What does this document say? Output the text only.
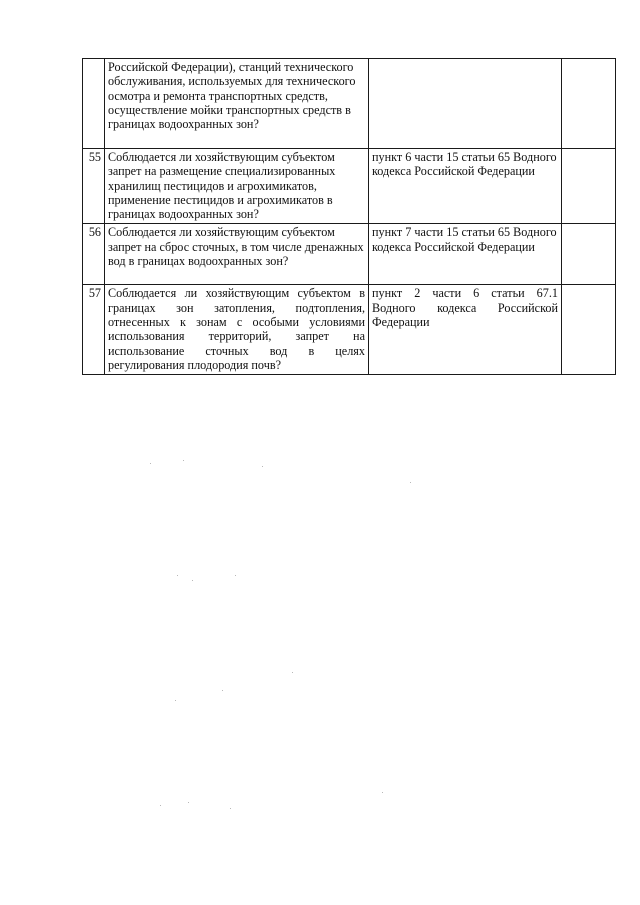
	Российской Федерации), станций технического обслуживания, используемых для технического осмотра и ремонта транспортных средств, осуществление мойки транспортных средств в границах водоохранных зон?		
55	Соблюдается ли хозяйствующим субъектом запрет на размещение специализированных хранилищ пестицидов и агрохимикатов, применение пестицидов и агрохимикатов в границах водоохранных зон?	пункт 6 части 15 статьи 65 Водного кодекса Российской Федерации	
56	Соблюдается ли хозяйствующим субъектом запрет на сброс сточных, в том числе дренажных вод в границах водоохранных зон?	пункт 7 части 15 статьи 65 Водного кодекса Российской Федерации	
57	Соблюдается ли хозяйствующим субъектом в границах зон затопления, подтопления, отнесенных к зонам с особыми условиями использования территорий, запрет на использование сточных вод в целях регулирования плодородия почв?	пункт 2 части 6 статьи 67.1 Водного кодекса Российской Федерации	
